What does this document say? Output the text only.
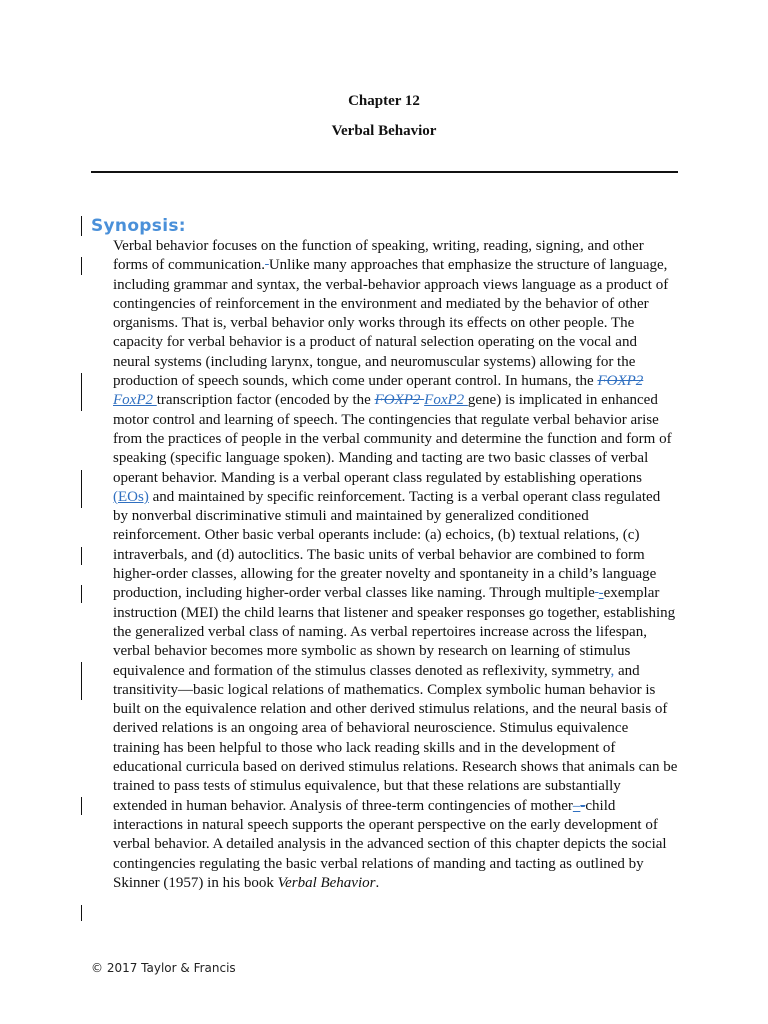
Chapter 12
Verbal Behavior
Synopsis:

Verbal behavior focuses on the function of speaking, writing, reading, signing, and other forms of communication. Unlike many approaches that emphasize the structure of language, including grammar and syntax, the verbal-behavior approach views language as a product of contingencies of reinforcement in the environment and mediated by the behavior of other organisms. That is, verbal behavior only works through its effects on other people. The capacity for verbal behavior is a product of natural selection operating on the vocal and neural systems (including larynx, tongue, and neuromuscular systems) allowing for the production of speech sounds, which come under operant control. In humans, the FOXP2 FoxP2 transcription factor (encoded by the FOXP2 FoxP2 gene) is implicated in enhanced motor control and learning of speech. The contingencies that regulate verbal behavior arise from the practices of people in the verbal community and determine the function and form of speaking (specific language spoken). Manding and tacting are two basic classes of verbal operant behavior. Manding is a verbal operant class regulated by establishing operations (EOs) and maintained by specific reinforcement. Tacting is a verbal operant class regulated by nonverbal discriminative stimuli and maintained by generalized conditioned reinforcement. Other basic verbal operants include: (a) echoics, (b) textual relations, (c) intraverbals, and (d) autoclitics. The basic units of verbal behavior are combined to form higher-order classes, allowing for the greater novelty and spontaneity in a child’s language production, including higher-order verbal classes like naming. Through multiple -exemplar instruction (MEI) the child learns that listener and speaker responses go together, establishing the generalized verbal class of naming. As verbal repertoires increase across the lifespan, verbal behavior becomes more symbolic as shown by research on learning of stimulus equivalence and formation of the stimulus classes denoted as reflexivity, symmetry, and transitivity—basic logical relations of mathematics. Complex symbolic human behavior is built on the equivalence relation and other derived stimulus relations, and the neural basis of derived relations is an ongoing area of behavioral neuroscience. Stimulus equivalence training has been helpful to those who lack reading skills and in the development of educational curricula based on derived stimulus relations. Research shows that animals can be trained to pass tests of stimulus equivalence, but that these relations are substantially extended in human behavior. Analysis of three-term contingencies of mother–-child interactions in natural speech supports the operant perspective on the early development of verbal behavior. A detailed analysis in the advanced section of this chapter depicts the social contingencies regulating the basic verbal relations of manding and tacting as outlined by Skinner (1957) in his book Verbal Behavior.

© 2017 Taylor & Francis
